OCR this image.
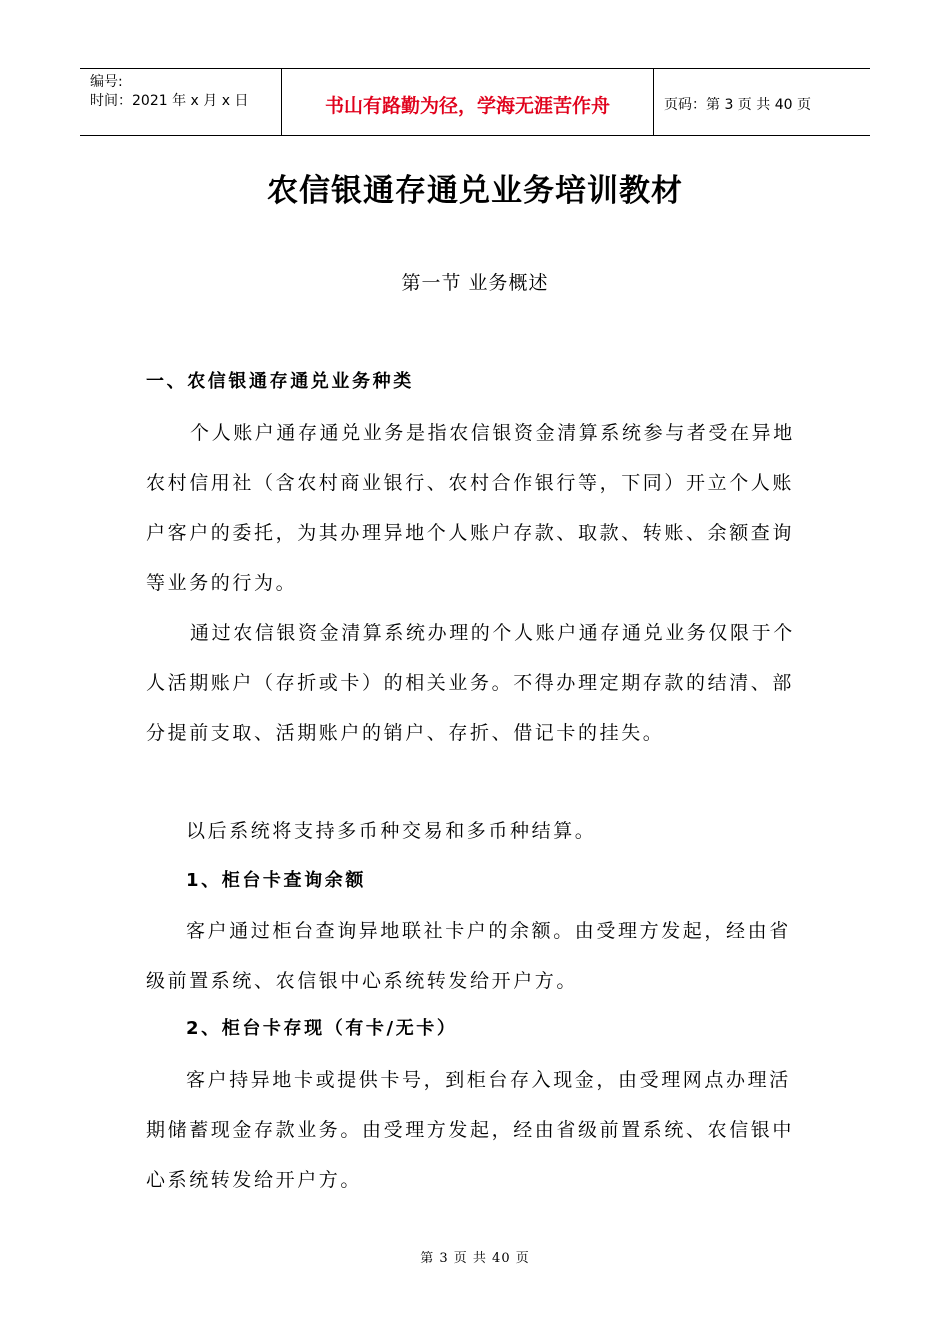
编号:
时间：2021 年 x 月 x 日	书山有路勤为径，学海无涯苦作舟	页码：第 3 页 共 40 页
农信银通存通兑业务培训教材
第一节 业务概述

一、农信银通存通兑业务种类

个人账户通存通兑业务是指农信银资金清算系统参与者受在异地农村信用社（含农村商业银行、农村合作银行等，下同）开立个人账户客户的委托，为其办理异地个人账户存款、取款、转账、余额查询等业务的行为。

通过农信银资金清算系统办理的个人账户通存通兑业务仅限于个人活期账户（存折或卡）的相关业务。不得办理定期存款的结清、部分提前支取、活期账户的销户、存折、借记卡的挂失。

以后系统将支持多币种交易和多币种结算。

1、柜台卡查询余额

客户通过柜台查询异地联社卡户的余额。由受理方发起，经由省级前置系统、农信银中心系统转发给开户方。

2、柜台卡存现（有卡/无卡）

客户持异地卡或提供卡号，到柜台存入现金，由受理网点办理活期储蓄现金存款业务。由受理方发起，经由省级前置系统、农信银中心系统转发给开户方。

第 3 页 共 40 页
